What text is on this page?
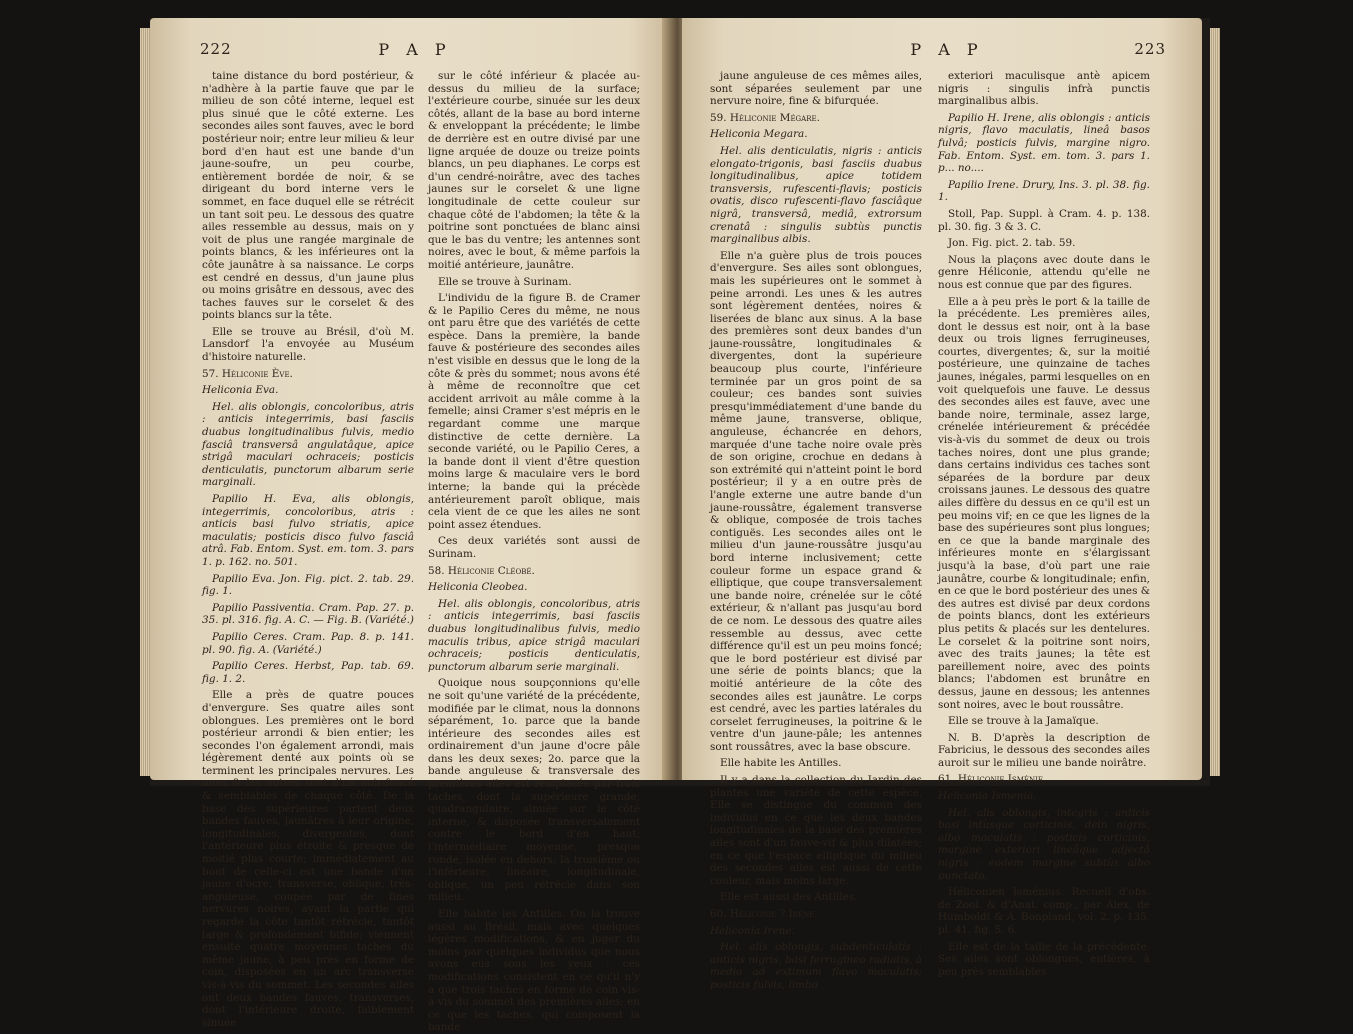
222	P A P

taine distance du bord postérieur, & n'adhère à la partie fauve que par le milieu de son côté interne, lequel est plus sinué que le côté externe. Les secondes ailes sont fauves, avec le bord postérieur noir; entre leur milieu & leur bord d'en haut est une bande d'un jaune-soufre, un peu courbe, entièrement bordée de noir, & se dirigeant du bord interne vers le sommet, en face duquel elle se rétrécit un tant soit peu. Le dessous des quatre ailes ressemble au dessus, mais on y voit de plus une rangée marginale de points blancs, & les inférieures ont la côte jaunâtre à sa naissance. Le corps est cendré en dessus, d'un jaune plus ou moins grisâtre en dessous, avec des taches fauves sur le corselet & des points blancs sur la tête.

Elle se trouve au Brésil, d'où M. Lansdorf l'a envoyée au Muséum d'histoire naturelle.

57. Héliconie Ève.

Heliconia Eva.

Hel. alis oblongis, concoloribus, atris : anticis integerrimis, basi fasciis duabus longitudinalibus fulvis, medio fasciâ transversâ angulatâque, apice strigâ maculari ochraceis; posticis denticulatis, punctorum albarum serie marginali.

Papilio H. Eva, alis oblongis, integerrimis, concoloribus, atris : anticis basi fulvo striatis, apice maculatis; posticis disco fulvo fasciâ atrâ. Fab. Entom. Syst. em. tom. 3. pars 1. p. 162. no. 501.

Papilio Eva. Jon. Fig. pict. 2. tab. 29. fig. 1.

Papilio Passiventia. Cram. Pap. 27. p. 35. pl. 316. fig. A. C. — Fig. B. (Variété.)

Papilio Ceres. Cram. Pap. 8. p. 141. pl. 90. fig. A. (Variété.)

Papilio Ceres. Herbst, Pap. tab. 69. fig. 1. 2.

Elle a près de quatre pouces d'envergure. Ses quatre ailes sont oblongues. Les premières ont le bord postérieur arrondi & bien entier; les secondes l'on également arrondi, mais légèrement denté aux points où se terminent les principales nervures. Les unes & les autres sont d'un noir-foncé & semblables de chaque côté. De la base des supérieures partent deux bandes fauves, jaunâtres à leur origine, longitudinales, divergentes, dont l'antérieure plus étroite & presque de moitié plus courte; immédiatement au bout de celle-ci est une bande d'un jaune d'ocre, transverse, oblique, très-anguleuse, coupée par de fines nervures noires, ayant la partie qui regarde la côte tantôt rétrécie, tantôt large & profondément bifide; viennent ensuite quatre moyennes taches du même jaune, à peu près en forme de coin, disposées en un arc transverse vis-à-vis du sommet. Les secondes ailes ont deux bandes fauves, transverses, dont l'intérieure droite, faiblement sinuée

sur le côté inférieur & placée au-dessus du milieu de la surface; l'extérieure courbe, sinuée sur les deux côtés, allant de la base au bord interne & enveloppant la précédente; le limbe de derrière est en outre divisé par une ligne arquée de douze ou treize points blancs, un peu diaphanes. Le corps est d'un cendré-noirâtre, avec des taches jaunes sur le corselet & une ligne longitudinale de cette couleur sur chaque côté de l'abdomen; la tête & la poitrine sont ponctuées de blanc ainsi que le bas du ventre; les antennes sont noires, avec le bout, & même parfois la moitié antérieure, jaunâtre.

Elle se trouve à Surinam.

L'individu de la figure B. de Cramer & le Papilio Ceres du même, ne nous ont paru être que des variétés de cette espèce. Dans la première, la bande fauve & postérieure des secondes ailes n'est visible en dessus que le long de la côte & près du sommet; nous avons été à même de reconnoître que cet accident arrivoit au mâle comme à la femelle; ainsi Cramer s'est mépris en le regardant comme une marque distinctive de cette dernière. La seconde variété, ou le Papilio Ceres, a la bande dont il vient d'être question moins large & maculaire vers le bord interne; la bande qui la précède antérieurement paroît oblique, mais cela vient de ce que les ailes ne sont point assez étendues.

Ces deux variétés sont aussi de Surinam.

58. Héliconie Cléobé.

Heliconia Cleobea.

Hel. alis oblongis, concoloribus, atris : anticis integerrimis, basi fasciis duabus longitudinalibus fulvis, medio maculis tribus, apice strigâ maculari ochraceis; posticis denticulatis, punctorum albarum serie marginali.

Quoique nous soupçonnions qu'elle ne soit qu'une variété de la précédente, modifiée par le climat, nous la donnons séparément, 1o. parce que la bande intérieure des secondes ailes est ordinairement d'un jaune d'ocre pâle dans les deux sexes; 2o. parce que la bande anguleuse & transversale des premières ailes est remplacée par trois taches, dont la supérieure grande, quadrangulaire, sinuée sur le côté interne, & disposée transversalement contre le bord d'en haut; l'intermédiaire moyenne, presque ronde, isolée en dehors; la troisième ou l'inférieure, linéaire, longitudinale, oblique, un peu rétrécie dans son milieu.

Elle habite les Antilles. On la trouve aussi au Brésil, mais avec quelques légères modifications, & en juger du moins par quelques individus que nous avons eus sous les yeux : ces modifications consistent en ce qu'il n'y a que trois taches en forme de coin vis-à-vis du sommet des premières ailes; en ce que les taches, qui composent la bande

P A P	223

jaune anguleuse de ces mêmes ailes, sont séparées seulement par une nervure noire, fine & bifurquée.

59. Héliconie Mégare.

Heliconia Megara.

Hel. alis denticulatis, nigris : anticis elongato-trigonis, basi fasciis duabus longitudinalibus, apice totidem transversis, rufescenti-flavis; posticis ovatis, disco rufescenti-flavo fasciâque nigrâ, transversâ, mediâ, extrorsum crenatâ : singulis subtùs punctis marginalibus albis.

Elle n'a guère plus de trois pouces d'envergure. Ses ailes sont oblongues, mais les supérieures ont le sommet à peine arrondi. Les unes & les autres sont légèrement dentées, noires & liserées de blanc aux sinus. A la base des premières sont deux bandes d'un jaune-roussâtre, longitudinales & divergentes, dont la supérieure beaucoup plus courte, l'inférieure terminée par un gros point de sa couleur; ces bandes sont suivies presqu'immédiatement d'une bande du même jaune, transverse, oblique, anguleuse, échancrée en dehors, marquée d'une tache noire ovale près de son origine, crochue en dedans à son extrémité qui n'atteint point le bord postérieur; il y a en outre près de l'angle externe une autre bande d'un jaune-roussâtre, également transverse & oblique, composée de trois taches contiguës. Les secondes ailes ont le milieu d'un jaune-roussâtre jusqu'au bord interne inclusivement; cette couleur forme un espace grand & elliptique, que coupe transversalement une bande noire, crénelée sur le côté extérieur, & n'allant pas jusqu'au bord de ce nom. Le dessous des quatre ailes ressemble au dessus, avec cette différence qu'il est un peu moins foncé; que le bord postérieur est divisé par une série de points blancs; que la moitié antérieure de la côte des secondes ailes est jaunâtre. Le corps est cendré, avec les parties latérales du corselet ferrugineuses, la poitrine & le ventre d'un jaune-pâle; les antennes sont roussâtres, avec la base obscure.

Elle habite les Antilles.

Il y a dans la collection du Jardin des plantes une variété de cette espèce. Elle se distingue du commun des individus en ce que les deux bandes longitudinales de la base des premières ailes sont d'un fauve-vif & plus dilatées; en ce que l'espace elliptique du milieu des secondes ailes est aussi de cette couleur, mais moins large.

Elle est aussi des Antilles.

60. Héliconie ? Irène.

Heliconia Irene.

Hel. alis oblongis, subdenticulatis : anticis nigris, basi ferrugineo radiatis, à medio ad extimum flavo maculatis; posticis fulvis, limbo

exteriori maculisque antè apicem nigris : singulis infrà punctis marginalibus albis.

Papilio H. Irene, alis oblongis : anticis nigris, flavo maculatis, lineâ basos fulvâ; posticis fulvis, margine nigro. Fab. Entom. Syst. em. tom. 3. pars 1. p... no....

Papilio Irene. Drury, Ins. 3. pl. 38. fig. 1.

Stoll, Pap. Suppl. à Cram. 4. p. 138. pl. 30. fig. 3 & 3. C.

Jon. Fig. pict. 2. tab. 59.

Nous la plaçons avec doute dans le genre Héliconie, attendu qu'elle ne nous est connue que par des figures.

Elle a à peu près le port & la taille de la précédente. Les premières ailes, dont le dessus est noir, ont à la base deux ou trois lignes ferrugineuses, courtes, divergentes; &, sur la moitié postérieure, une quinzaine de taches jaunes, inégales, parmi lesquelles on en voit quelquefois une fauve. Le dessus des secondes ailes est fauve, avec une bande noire, terminale, assez large, crénelée intérieurement & précédée vis-à-vis du sommet de deux ou trois taches noires, dont une plus grande; dans certains individus ces taches sont séparées de la bordure par deux croissans jaunes. Le dessous des quatre ailes diffère du dessus en ce qu'il est un peu moins vif; en ce que les lignes de la base des supérieures sont plus longues; en ce que la bande marginale des inférieures monte en s'élargissant jusqu'à la base, d'où part une raie jaunâtre, courbe & longitudinale; enfin, en ce que le bord postérieur des unes & des autres est divisé par deux cordons de points blancs, dont les extérieurs plus petits & placés sur les dentelures. Le corselet & la poitrine sont noirs, avec des traits jaunes; la tête est pareillement noire, avec des points blancs; l'abdomen est brunâtre en dessus, jaune en dessous; les antennes sont noires, avec le bout roussâtre.

Elle se trouve à la Jamaïque.

N. B. D'après la description de Fabricius, le dessous des secondes ailes auroit sur le milieu une bande noirâtre.

61. Héliconie Isménie.

Heliconia Ismenia.

Hel. alis oblongis, integris : anticis basi intùsque corticinis, dein nigris, albo maculatis : posticis corticinis, margine exteriori lineâque adjectâ nigris : eodem margine subtùs albo punctato.

Héliconien Isménius. Recueil d'obs. de Zool. & d'Anat. comp., par Alex. de Humboldt & A. Bonpland, vol. 2. p. 135. pl. 41. fig. 5. 6.

Elle est de la taille de la précédente. Ses ailes sont oblongues, entières, à peu près semblables
